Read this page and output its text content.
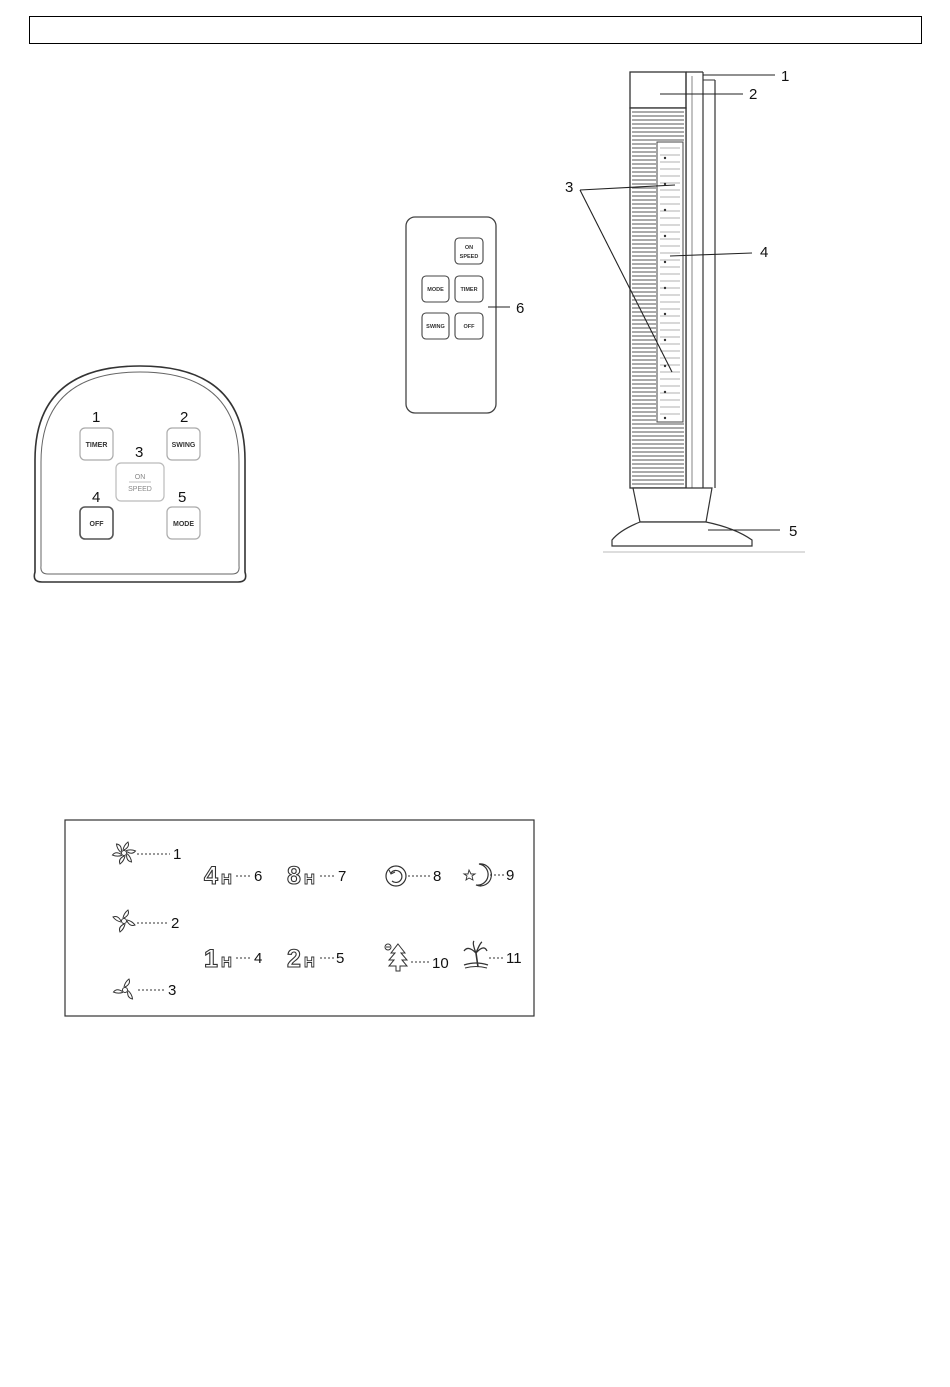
TIMER
1
SWING
2
ON
SPEED
3
OFF
4
MODE
5
ON
SPEED
MODE	TIMER
SWING	OFF
6
1
2
3
4
5
1
2
3
4 H 6 8 H 7
1 H 4 2 H 5
8	9
10	11
